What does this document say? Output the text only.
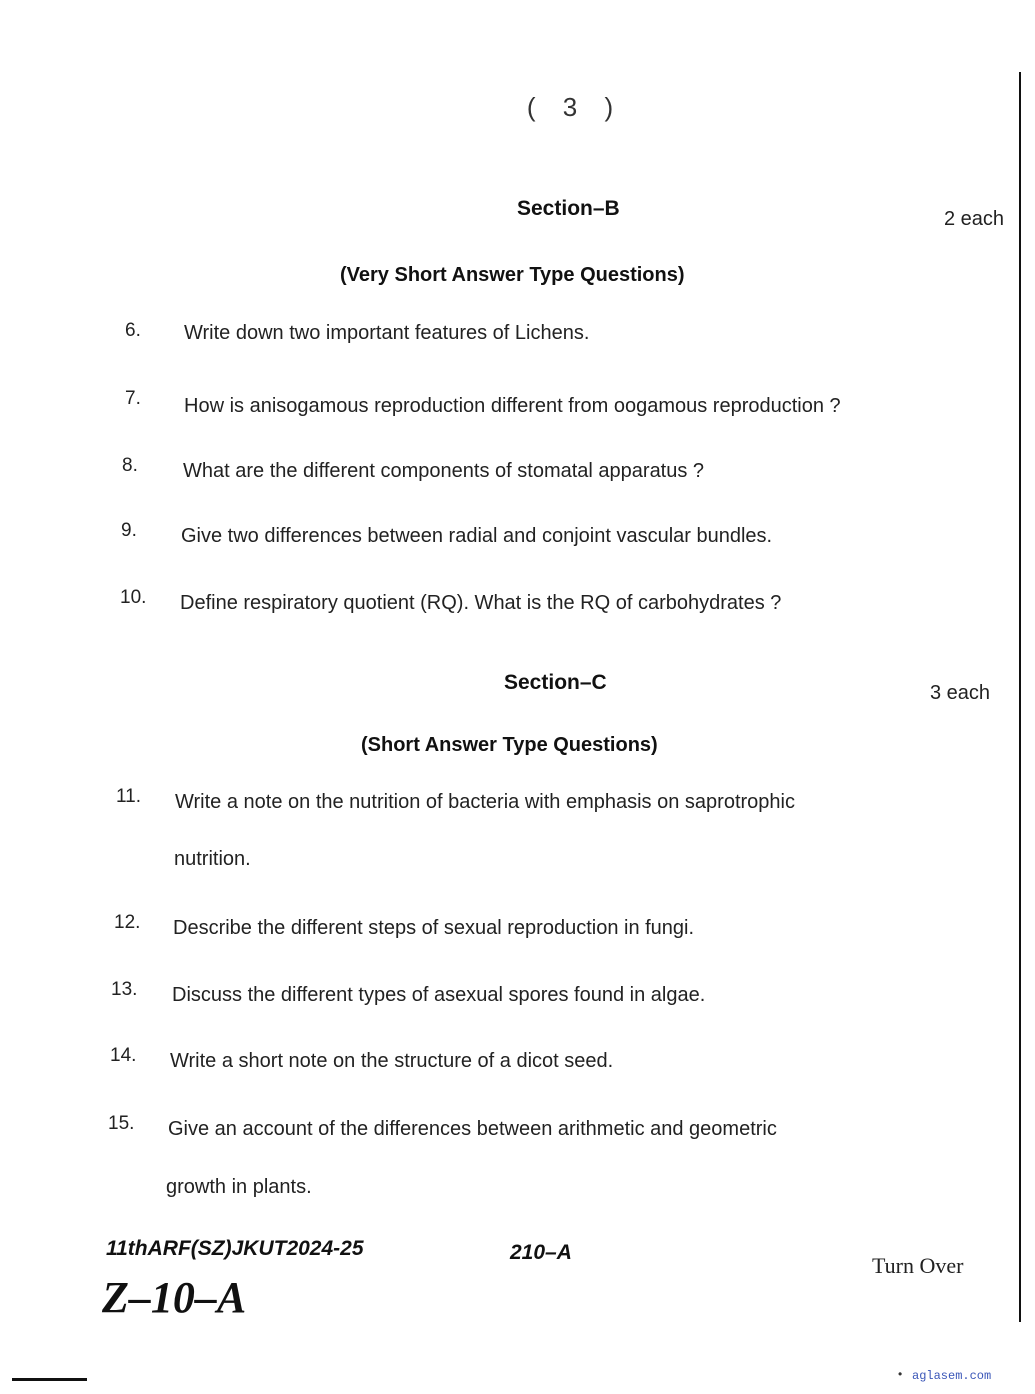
( 3 )
Section–B	2 each
(Very Short Answer Type Questions)
6. Write down two important features of Lichens.
7. How is anisogamous reproduction different from oogamous reproduction ?
8. What are the different components of stomatal apparatus ?
9. Give two differences between radial and conjoint vascular bundles.
10. Define respiratory quotient (RQ). What is the RQ of carbohydrates ?
Section–C	3 each
(Short Answer Type Questions)
11. Write a note on the nutrition of bacteria with emphasis on saprotrophic
nutrition.
12. Describe the different steps of sexual reproduction in fungi.
13. Discuss the different types of asexual spores found in algae.
14. Write a short note on the structure of a dicot seed.
15. Give an account of the differences between arithmetic and geometric
growth in plants.
11thARF(SZ)JKUT2024-25	210–A
Turn Over
Z–10–A
• aglasem.com
